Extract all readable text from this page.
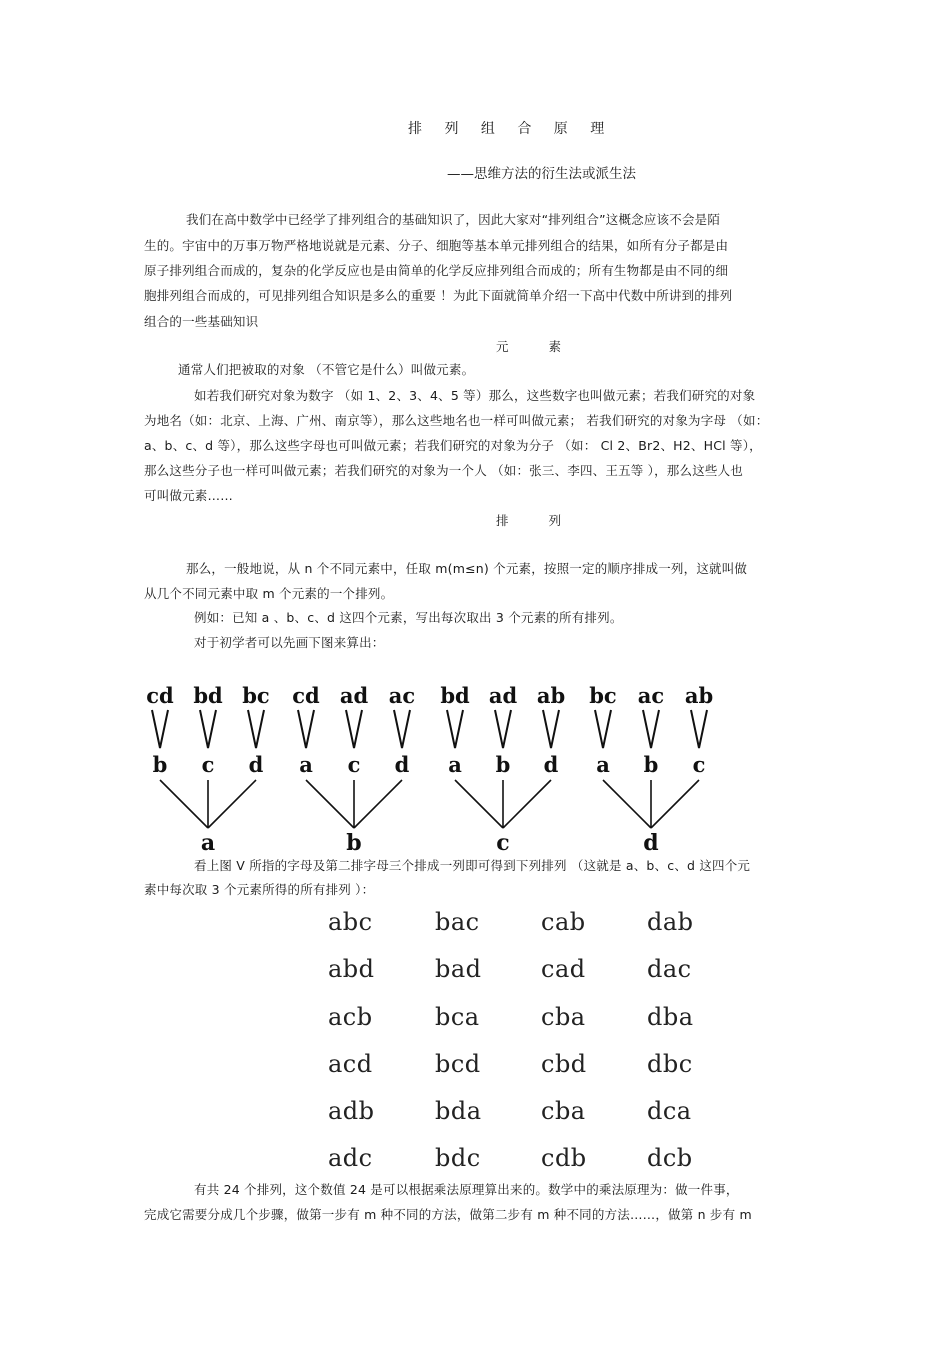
排 列 组 合 原 理
——思维方法的衍生法或派生法
我们在高中数学中已经学了排列组合的基础知识了，因此大家对“排列组合”这概念应该不会是陌
生的。宇宙中的万事万物严格地说就是元素、分子、细胞等基本单元排列组合的结果，如所有分子都是由
原子排列组合而成的，复杂的化学反应也是由简单的化学反应排列组合而成的；所有生物都是由不同的细
胞排列组合而成的，可见排列组合知识是多么的重要 ！为此下面就简单介绍一下高中代数中所讲到的排列
组合的一些基础知识
元 素
通常人们把被取的对象 （不管它是什么）叫做元素。
如若我们研究对象为数字 （如 1、2、3、4、5 等）那么，这些数字也叫做元素；若我们研究的对象
为地名（如：北京、上海、广州、南京等），那么这些地名也一样可叫做元素； 若我们研究的对象为字母 （如：
a、b、c、d 等），那么这些字母也可叫做元素；若我们研究的对象为分子 （如： Cl 2、Br2、H2、HCl 等），
那么这些分子也一样可叫做元素；若我们研究的对象为一个人 （如：张三、李四、王五等 ），那么这些人也
可叫做元素……
排 列
那么，一般地说，从 n 个不同元素中，任取 m(m≤n) 个元素，按照一定的顺序排成一列，这就叫做
从几个不同元素中取 m 个元素的一个排列。
例如：已知 a 、b、c、d 这四个元素，写出每次取出 3 个元素的所有排列。
对于初学者可以先画下图来算出：
cd
b
bd
c
bc
d
a
cd
a
ad
c
ac
d
b
bd
a
ad
b
ab
d
c
bc
a
ac
b
ab
c
d
看上图 V 所指的字母及第二排字母三个排成一列即可得到下列排列 （这就是 a、b、c、d 这四个元
素中每次取 3 个元素所得的所有排列 ）：
abc
abd
acb
acd
adb
adc
bac
bad
bca
bcd
bda
bdc
cab
cad
cba
cbd
cba
cdb
dab
dac
dba
dbc
dca
dcb
有共 24 个排列，这个数值 24 是可以根据乘法原理算出来的。数学中的乘法原理为：做一件事，
完成它需要分成几个步骤，做第一步有 m 种不同的方法，做第二步有 m 种不同的方法……，做第 n 步有 m
